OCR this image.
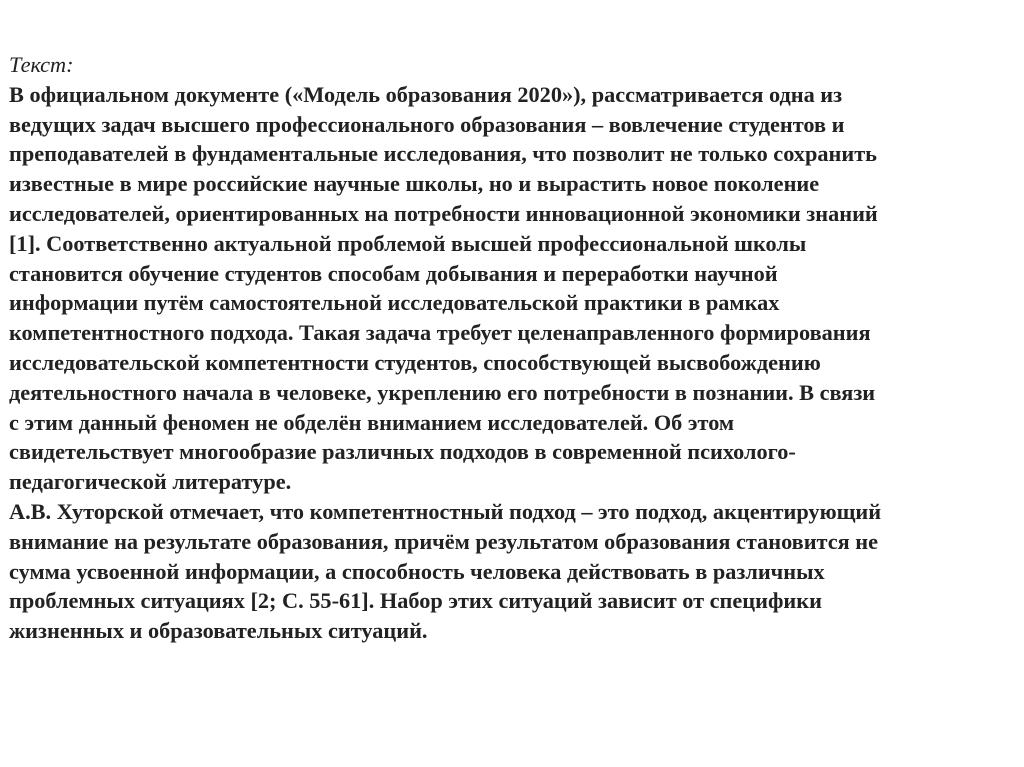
Текст:

В официальном документе («Модель образования 2020»), рассматривается одна из
ведущих задач высшего профессионального образования – вовлечение студентов и
преподавателей в фундаментальные исследования, что позволит не только сохранить
известные в мире российские научные школы, но и вырастить новое поколение
исследователей, ориентированных на потребности инновационной экономики знаний
[1]. Соответственно актуальной проблемой высшей профессиональной школы
становится обучение студентов способам добывания и переработки научной
информации путём самостоятельной исследовательской практики в рамках
компетентностного подхода. Такая задача требует целенаправленного формирования
исследовательской компетентности студентов, способствующей высвобождению
деятельностного начала в человеке, укреплению его потребности в познании. В связи
с этим данный феномен не обделён вниманием исследователей. Об этом
свидетельствует многообразие различных подходов в современной психолого-
педагогической литературе.

А.В. Хуторской отмечает, что компетентностный подход – это подход, акцентирующий
внимание на результате образования, причём результатом образования становится не
сумма усвоенной информации, а способность человека действовать в различных
проблемных ситуациях [2; С. 55-61]. Набор этих ситуаций зависит от специфики
жизненных и образовательных ситуаций.
